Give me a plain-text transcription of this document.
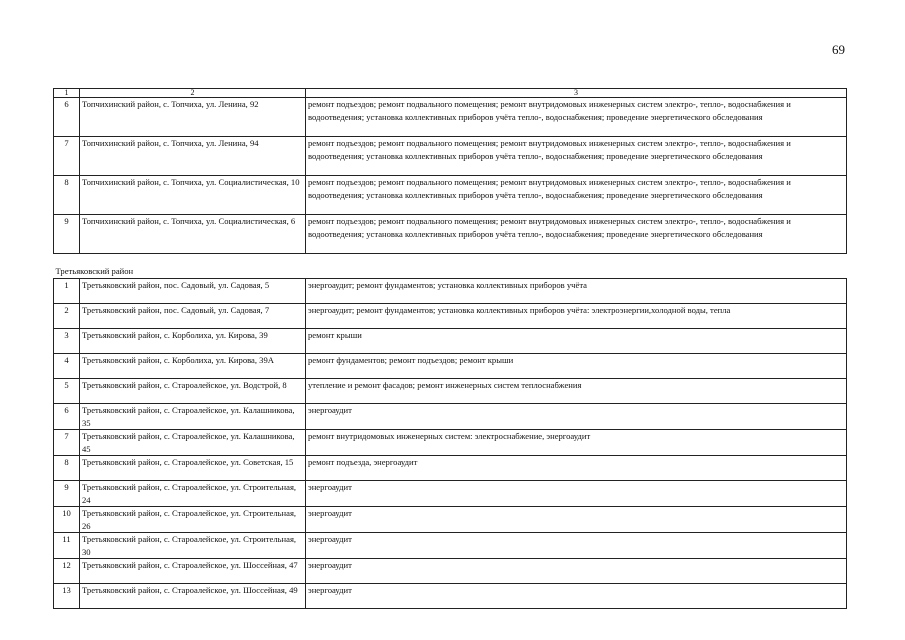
69
1	2	3
6	Топчихинский район, с. Топчиха, ул. Ленина, 92	ремонт подъездов; ремонт подвального помещения; ремонт внутридомовых инженерных систем электро-, тепло-, водоснабжения и водоотведения; установка коллективных приборов учёта тепло-, водоснабжения; проведение энергетического обследования
7	Топчихинский район, с. Топчиха, ул. Ленина, 94	ремонт подъездов; ремонт подвального помещения; ремонт внутридомовых инженерных систем электро-, тепло-, водоснабжения и водоотведения; установка коллективных приборов учёта тепло-, водоснабжения; проведение энергетического обследования
8	Топчихинский район, с. Топчиха, ул. Социалистическая, 10	ремонт подъездов; ремонт подвального помещения; ремонт внутридомовых инженерных систем электро-, тепло-, водоснабжения и водоотведения; установка коллективных приборов учёта тепло-, водоснабжения; проведение энергетического обследования
9	Топчихинский район, с. Топчиха, ул. Социалистическая, 6	ремонт подъездов; ремонт подвального помещения; ремонт внутридомовых инженерных систем электро-, тепло-, водоснабжения и водоотведения; установка коллективных приборов учёта тепло-, водоснабжения; проведение энергетического обследования
Третьяковский район		
1	Третьяковский район, пос. Садовый, ул. Садовая, 5	энергоаудит; ремонт фундаментов; установка коллективных приборов учёта
2	Третьяковский район, пос. Садовый, ул. Садовая, 7	энергоаудит; ремонт фундаментов; установка коллективных приборов учёта: электроэнергии,холодной воды, тепла
3	Третьяковский район, с. Корболиха, ул. Кирова, 39	ремонт крыши
4	Третьяковский район, с. Корболиха, ул. Кирова, 39А	ремонт фундаментов; ремонт подъездов; ремонт крыши
5	Третьяковский район, с. Староалейское, ул. Водстрой, 8	утепление и ремонт фасадов; ремонт инженерных систем теплоснабжения
6	Третьяковский район, с. Староалейское, ул. Калашникова, 35	энергоаудит
7	Третьяковский район, с. Староалейское, ул. Калашникова, 45	ремонт внутридомовых инженерных систем: электроснабжение, энергоаудит
8	Третьяковский район, с. Староалейское, ул. Советская, 15	ремонт подъезда, энергоаудит
9	Третьяковский район, с. Староалейское, ул. Строительная, 24	энергоаудит
10	Третьяковский район, с. Староалейское, ул. Строительная, 26	энергоаудит
11	Третьяковский район, с. Староалейское, ул. Строительная, 30	энергоаудит
12	Третьяковский район, с. Староалейское, ул. Шоссейная, 47	энергоаудит
13	Третьяковский район, с. Староалейское, ул. Шоссейная, 49	энергоаудит
